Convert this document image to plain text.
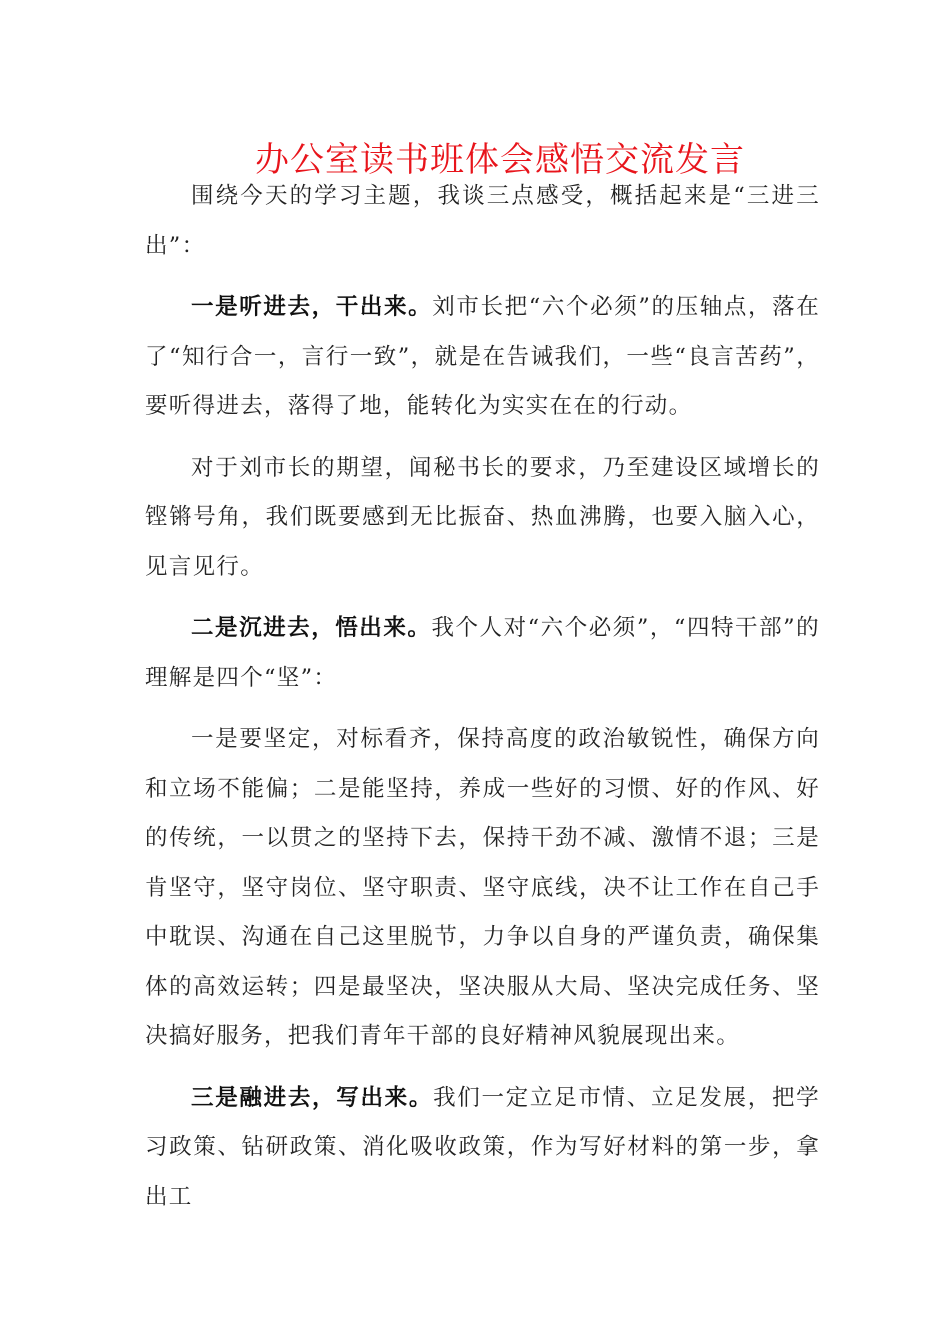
办公室读书班体会感悟交流发言

围绕今天的学习主题，我谈三点感受，概括起来是“三进三出”：

一是听进去，干出来。刘市长把“六个必须”的压轴点，落在了“知行合一，言行一致”，就是在告诫我们，一些“良言苦药”，要听得进去，落得了地，能转化为实实在在的行动。

对于刘市长的期望，闻秘书长的要求，乃至建设区域增长的铿锵号角，我们既要感到无比振奋、热血沸腾，也要入脑入心，见言见行。

二是沉进去，悟出来。我个人对“六个必须”，“四特干部”的理解是四个“坚”：

一是要坚定，对标看齐，保持高度的政治敏锐性，确保方向和立场不能偏；二是能坚持，养成一些好的习惯、好的作风、好的传统，一以贯之的坚持下去，保持干劲不减、激情不退；三是肯坚守，坚守岗位、坚守职责、坚守底线，决不让工作在自己手中耽误、沟通在自己这里脱节，力争以自身的严谨负责，确保集体的高效运转；四是最坚决，坚决服从大局、坚决完成任务、坚决搞好服务，把我们青年干部的良好精神风貌展现出来。

三是融进去，写出来。我们一定立足市情、立足发展，把学习政策、钻研政策、消化吸收政策，作为写好材料的第一步，拿出工
